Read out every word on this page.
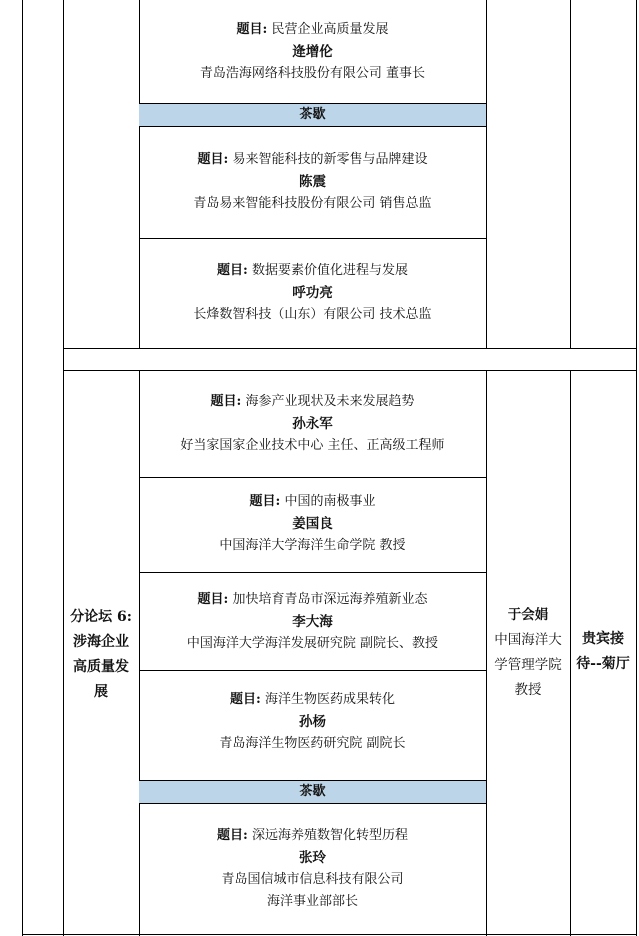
题目: 民营企业高质量发展
逄增伦
青岛浩海网络科技股份有限公司 董事长
茶歇
题目: 易来智能科技的新零售与品牌建设
陈震
青岛易来智能科技股份有限公司 销售总监
题目: 数据要素价值化进程与发展
呼功亮
长烽数智科技（山东）有限公司 技术总监
题目: 海参产业现状及未来发展趋势
孙永军
好当家国家企业技术中心 主任、正高级工程师
题目: 中国的南极事业
姜国良
中国海洋大学海洋生命学院 教授
题目: 加快培育青岛市深远海养殖新业态
李大海
中国海洋大学海洋发展研究院 副院长、教授
题目: 海洋生物医药成果转化
孙杨
青岛海洋生物医药研究院 副院长
茶歇
题目: 深远海养殖数智化转型历程
张玲
青岛国信城市信息科技有限公司
海洋事业部部长
分论坛 6:
涉海企业
高质量发
展
于会娟
中国海洋大
学管理学院
教授
贵宾接
待--菊厅
